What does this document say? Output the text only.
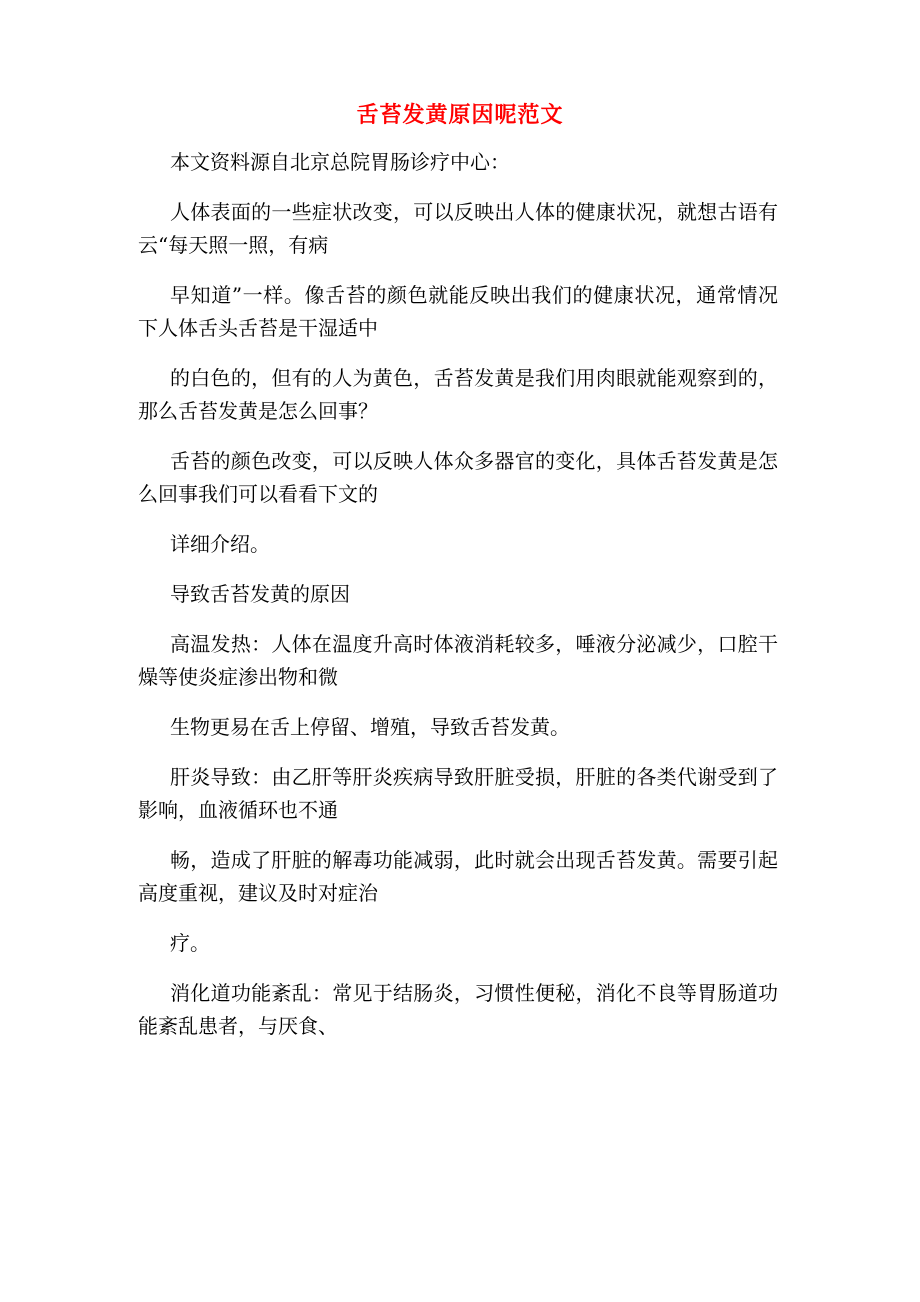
舌苔发黄原因呢范文

本文资料源自北京总院胃肠诊疗中心：

人体表面的一些症状改变，可以反映出人体的健康状况，就想古语有云“每天照一照，有病

早知道”一样。像舌苔的颜色就能反映出我们的健康状况，通常情况下人体舌头舌苔是干湿适中

的白色的，但有的人为黄色，舌苔发黄是我们用肉眼就能观察到的，那么舌苔发黄是怎么回事？

舌苔的颜色改变，可以反映人体众多器官的变化，具体舌苔发黄是怎么回事我们可以看看下文的

详细介绍。

导致舌苔发黄的原因

高温发热：人体在温度升高时体液消耗较多，唾液分泌减少，口腔干燥等使炎症渗出物和微

生物更易在舌上停留、增殖，导致舌苔发黄。

肝炎导致：由乙肝等肝炎疾病导致肝脏受损，肝脏的各类代谢受到了影响，血液循环也不通

畅，造成了肝脏的解毒功能减弱，此时就会出现舌苔发黄。需要引起高度重视，建议及时对症治

疗。

消化道功能紊乱：常见于结肠炎，习惯性便秘，消化不良等胃肠道功能紊乱患者，与厌食、
